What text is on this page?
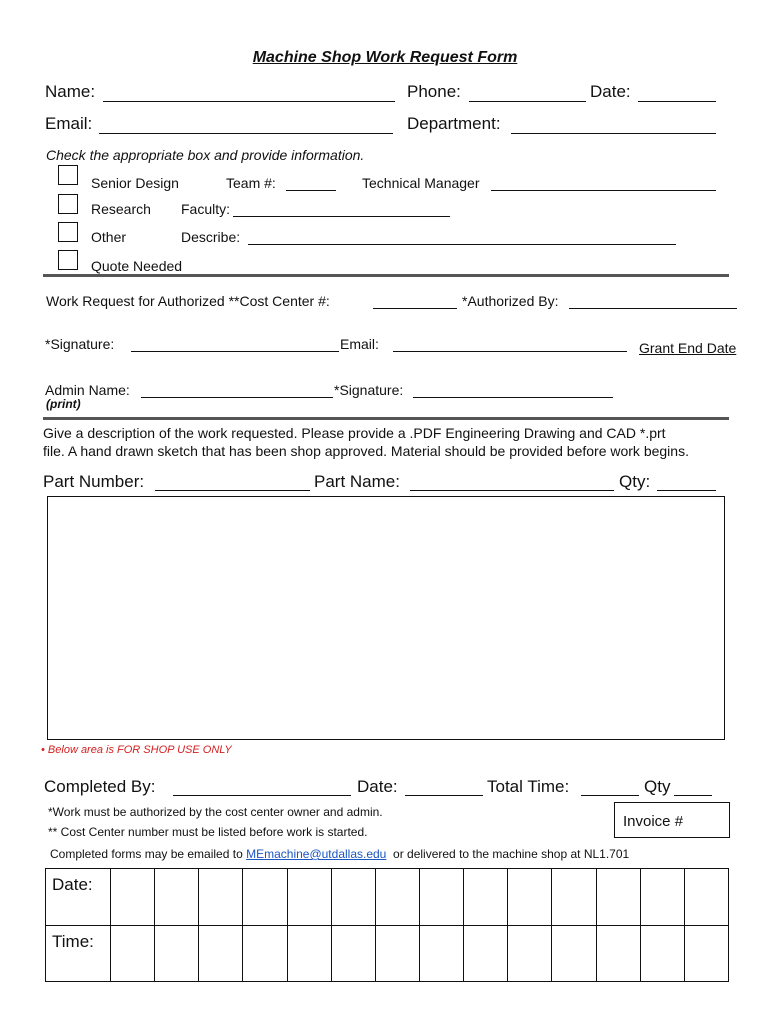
Machine Shop Work Request Form
Name:	Phone:	Date:
Email:	Department:
Check the appropriate box and provide information.
Senior Design	Team #:	Technical Manager
Research Faculty:
Other	Describe:
Quote Needed
Work Request for Authorized **Cost Center #:	*Authorized By:
*Signature:	Email:	Grant End Date
Admin Name:	*Signature:
(print)
Give a description of the work requested. Please provide a .PDF Engineering Drawing and CAD *.prt
file. A hand drawn sketch that has been shop approved. Material should be provided before work begins.
Part Number:	Part Name:	Qty:
• Below area is FOR SHOP USE ONLY
Completed By:	Date:	Total Time:	Qty
*Work must be authorized by the cost center owner and admin.
** Cost Center number must be listed before work is started.
Invoice #
Completed forms may be emailed to MEmachine@utdallas.edu or delivered to the machine shop at NL1.701
Date:														
Time:														
